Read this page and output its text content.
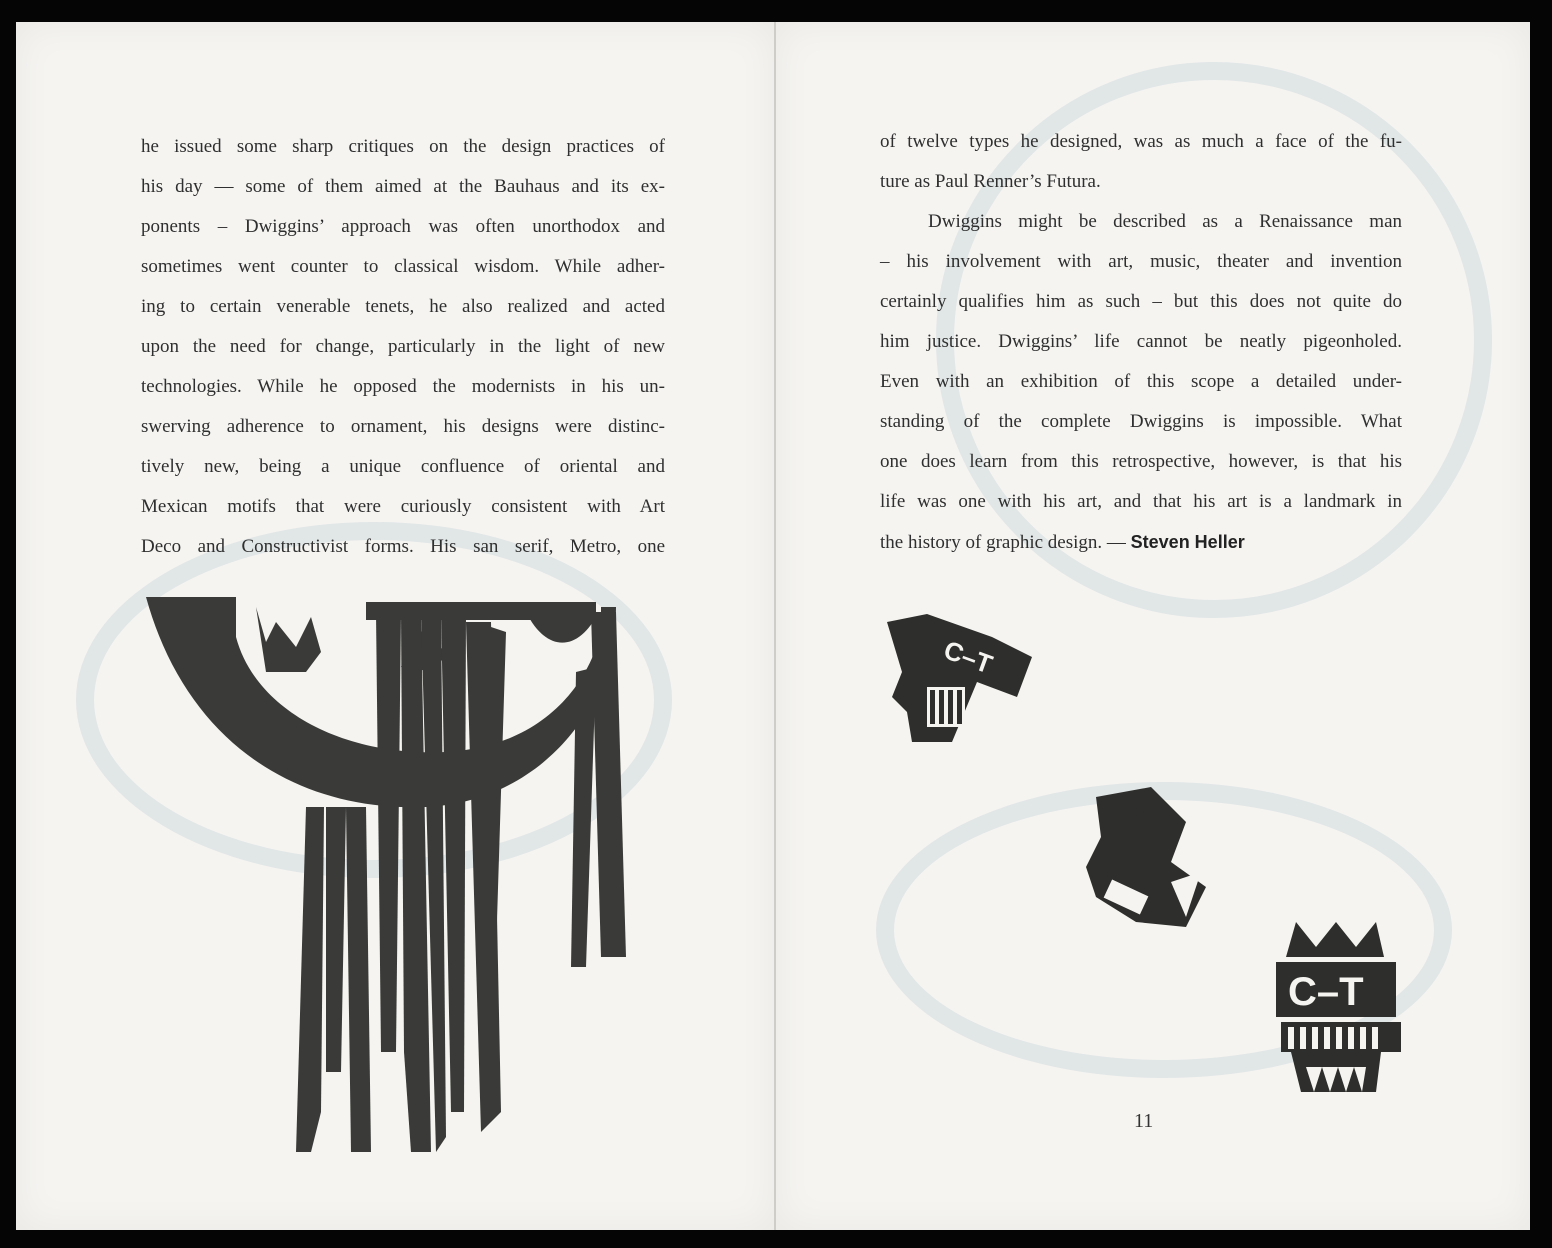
he issued some sharp critiques on the design practices of
his day — some of them aimed at the Bauhaus and its ex-
ponents – Dwiggins’ approach was often unorthodox and
sometimes went counter to classical wisdom. While adher-
ing to certain venerable tenets, he also realized and acted
upon the need for change, particularly in the light of new
technologies. While he opposed the modernists in his un-
swerving adherence to ornament, his designs were distinc-
tively new, being a unique confluence of oriental and
Mexican motifs that were curiously consistent with Art
Deco and Constructivist forms. His san serif, Metro, one
of twelve types he designed, was as much a face of the fu-
ture as Paul Renner’s Futura.
Dwiggins might be described as a Renaissance man
– his involvement with art, music, theater and invention
certainly qualifies him as such – but this does not quite do
him justice. Dwiggins’ life cannot be neatly pigeonholed.
Even with an exhibition of this scope a detailed under-
standing of the complete Dwiggins is impossible. What
one does learn from this retrospective, however, is that his
life was one with his art, and that his art is a landmark in
the history of graphic design. — Steven Heller
C–T
C–T
C–T
11
